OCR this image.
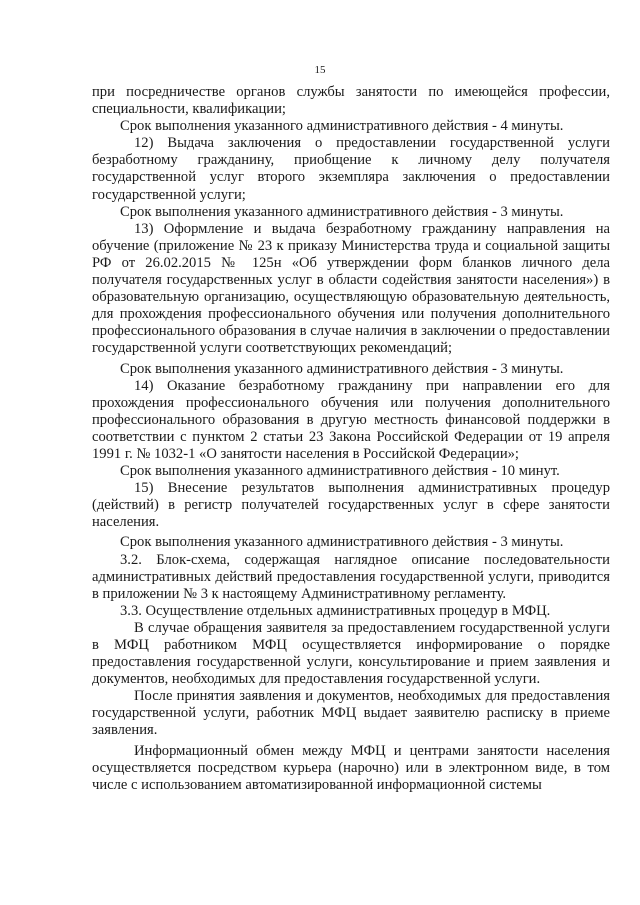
15

при посредничестве органов службы занятости по имеющейся профессии, специальности, квалификации;

Срок выполнения указанного административного действия - 4 минуты.

12) Выдача заключения о предоставлении государственной услуги безработному гражданину, приобщение к личному делу получателя государственной услуг второго экземпляра заключения о предоставлении государственной услуги;

Срок выполнения указанного административного действия - 3 минуты.

13) Оформление и выдача безработному гражданину направления на обучение (приложение № 23 к приказу Министерства труда и социальной защиты РФ от 26.02.2015 № 125н «Об утверждении форм бланков личного дела получателя государственных услуг в области содействия занятости населения») в образовательную организацию, осуществляющую образовательную деятельность, для прохождения профессионального обучения или получения дополнительного профессионального образования в случае наличия в заключении о предоставлении государственной услуги соответствующих рекомендаций;

Срок выполнения указанного административного действия - 3 минуты.

14) Оказание безработному гражданину при направлении его для прохождения профессионального обучения или получения дополнительного профессионального образования в другую местность финансовой поддержки в соответствии с пунктом 2 статьи 23 Закона Российской Федерации от 19 апреля 1991 г. № 1032-1 «О занятости населения в Российской Федерации»;

Срок выполнения указанного административного действия - 10 минут.

15) Внесение результатов выполнения административных процедур (действий) в регистр получателей государственных услуг в сфере занятости населения.

Срок выполнения указанного административного действия - 3 минуты.

3.2. Блок-схема, содержащая наглядное описание последовательности административных действий предоставления государственной услуги, приводится в приложении № 3 к настоящему Административному регламенту.

3.3. Осуществление отдельных административных процедур в МФЦ.

В случае обращения заявителя за предоставлением государственной услуги в МФЦ работником МФЦ осуществляется информирование о порядке предоставления государственной услуги, консультирование и прием заявления и документов, необходимых для предоставления государственной услуги.

После принятия заявления и документов, необходимых для предоставления государственной услуги, работник МФЦ выдает заявителю расписку в приеме заявления.

Информационный обмен между МФЦ и центрами занятости населения осуществляется посредством курьера (нарочно) или в электронном виде, в том числе с использованием автоматизированной информационной системы
